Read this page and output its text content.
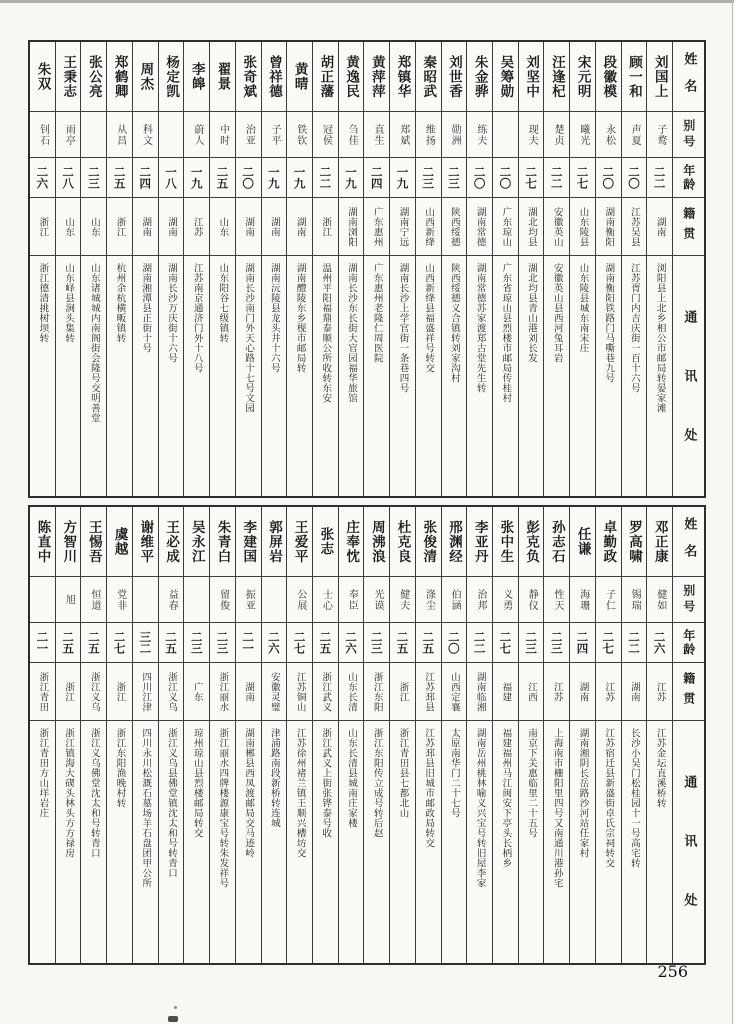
姓名
别号
年龄
籍贯
通讯处
刘国上
子鹜
二二
湖南
浏阳县上北乡相公市邮局转晏家滩
顾一和
声夏
二〇
江苏吴县
江苏胥门内吉庆街一百十六号
段徽模
永松
二〇
湖南衡阳
湖南衡阳铁路门马嘶巷九号
宋元明
曦光
二七
山东陵县
山东陵县城东南宋庄
汪逢杞
楚贞
二二
安徽英山
安徽英山县西河兔耳岩
刘坚中
现夫
二七
湖北均县
湖北均县青山港刘长发
吴筹勋
二〇
广东琼山
广东省琼山县烈楼市邮局传桂村
朱金骅
练夫
二〇
湖南常德
湖南常德苏家渡郑古堂先生转
刘世香
勋洲
二三
陕西绥德
陕西绥德义合镇转刘家沟村
秦昭武
维扬
二三
山西新绛
山西新绛县福盛祥号转交
郑镇华
郑斌
一九
湖南宁远
湖南长沙上学官街一条巷四号
黄萍萍
直生
二四
广东惠州
广东惠州老隆仁周医院
黄逸民
刍佳
一九
湖南浏阳
湖南长沙东长街大官园福华旅馆
胡正藩
冠侯
二二
浙江
温州平阳福鼎泰顺公所收转东安
黄晴
铁钦
一九
湖南
湖南醴陵东乡枧市邮局转
曾祥德
子平
一九
湖南
湖南沅陵县龙头井十六号
张奇斌
治亚
二〇
湖南
湖南长沙南门外天心路十七号文园
翟景
中时
二五
山东
山东阳谷七级镇转
李皞
蔚人
一九
江苏
江苏南京通济门外十八号
杨定凯
一八
湖南
湖南长沙万庆街十六号
周杰
科文
二四
湖南
湖南湘潭县正街十号
郑鹤卿
从昌
二五
浙江
杭州余杭横畈镇转
张公亮
二三
山东
山东诸城城内南阁街会隆号交明善堂
王秉志
雨亭
二八
山东
山东峄县涧头集转
朱双
钊石
二六
浙江
浙江德清挑树坝转
姓名
别号
年龄
籍贯
通讯处
邓正康
健如
二六
江苏
江苏金坛直溪桥转
罗高啸
锡瑞
二二
湖南
长沙小吴门松桂园十一号高宅转
卓勤政
子仁
二七
江苏
江苏宿迁县新盛街卓氏宗祠转交
任谦
海珊
二四
湖南
湖南湘阴长岳路沙河站任家村
孙志石
性天
二三
江苏
上海南市栅阳里四号又南通川港孙宅
彭克负
静仪
二三
江西
南京下关惠临里二十五号
张中生
义勇
二七
福建
福建福州马江闽安下亭头长柄乡
李亚丹
治邦
二二
湖南临湘
湖南岳州桃林喻义兴宝号转旧屋李家
邢渊经
伯涵
二〇
山西定襄
太原南华门二十七号
张俊清
涤尘
二五
江苏邳县
江苏邳县旧城市邮政局转交
杜克良
健夫
二五
浙江
浙江青田县七都北山
周沸浪
光谟
二三
浙江东阳
浙江东阳传立成号转后赵
庄奉忱
奉臣
二六
山东长清
山东长清县城南庄家楼
张志
士心
二五
浙江武义
浙江武义上街张铧泰号收
王爱平
公展
二七
江苏铜山
江苏徐州褚兰镇王顺兴槽坊交
郭屏岩
二六
安徽灵璧
津浦路南段新桥转连城
李建国
振亚
二一
湖南
湖南郴县西凤渡邮局交马迹岭
朱青白
留俊
二三
浙江丽水
浙江丽水四牌楼源康宝号转朱发祥号
吴永江
二三
广东
琼州琼山县烈楼邮局转交
王必成
益春
二五
浙江义乌
浙江义乌县佛堂镇沈太和号转青口
谢维平
三二
四川江津
四川永川松溉石墓场羊石盘团甲公所
虞越
党非
二七
浙江
浙江东阳渔晚村转
王惕吾
恒道
二五
浙江义乌
浙江义乌佛堂沈太和号转青口
方智川
旭
二五
浙江
浙江镇海大碶头林头方方禄房
陈直中
二一
浙江青田
浙江青田方山垟岩庄
256
